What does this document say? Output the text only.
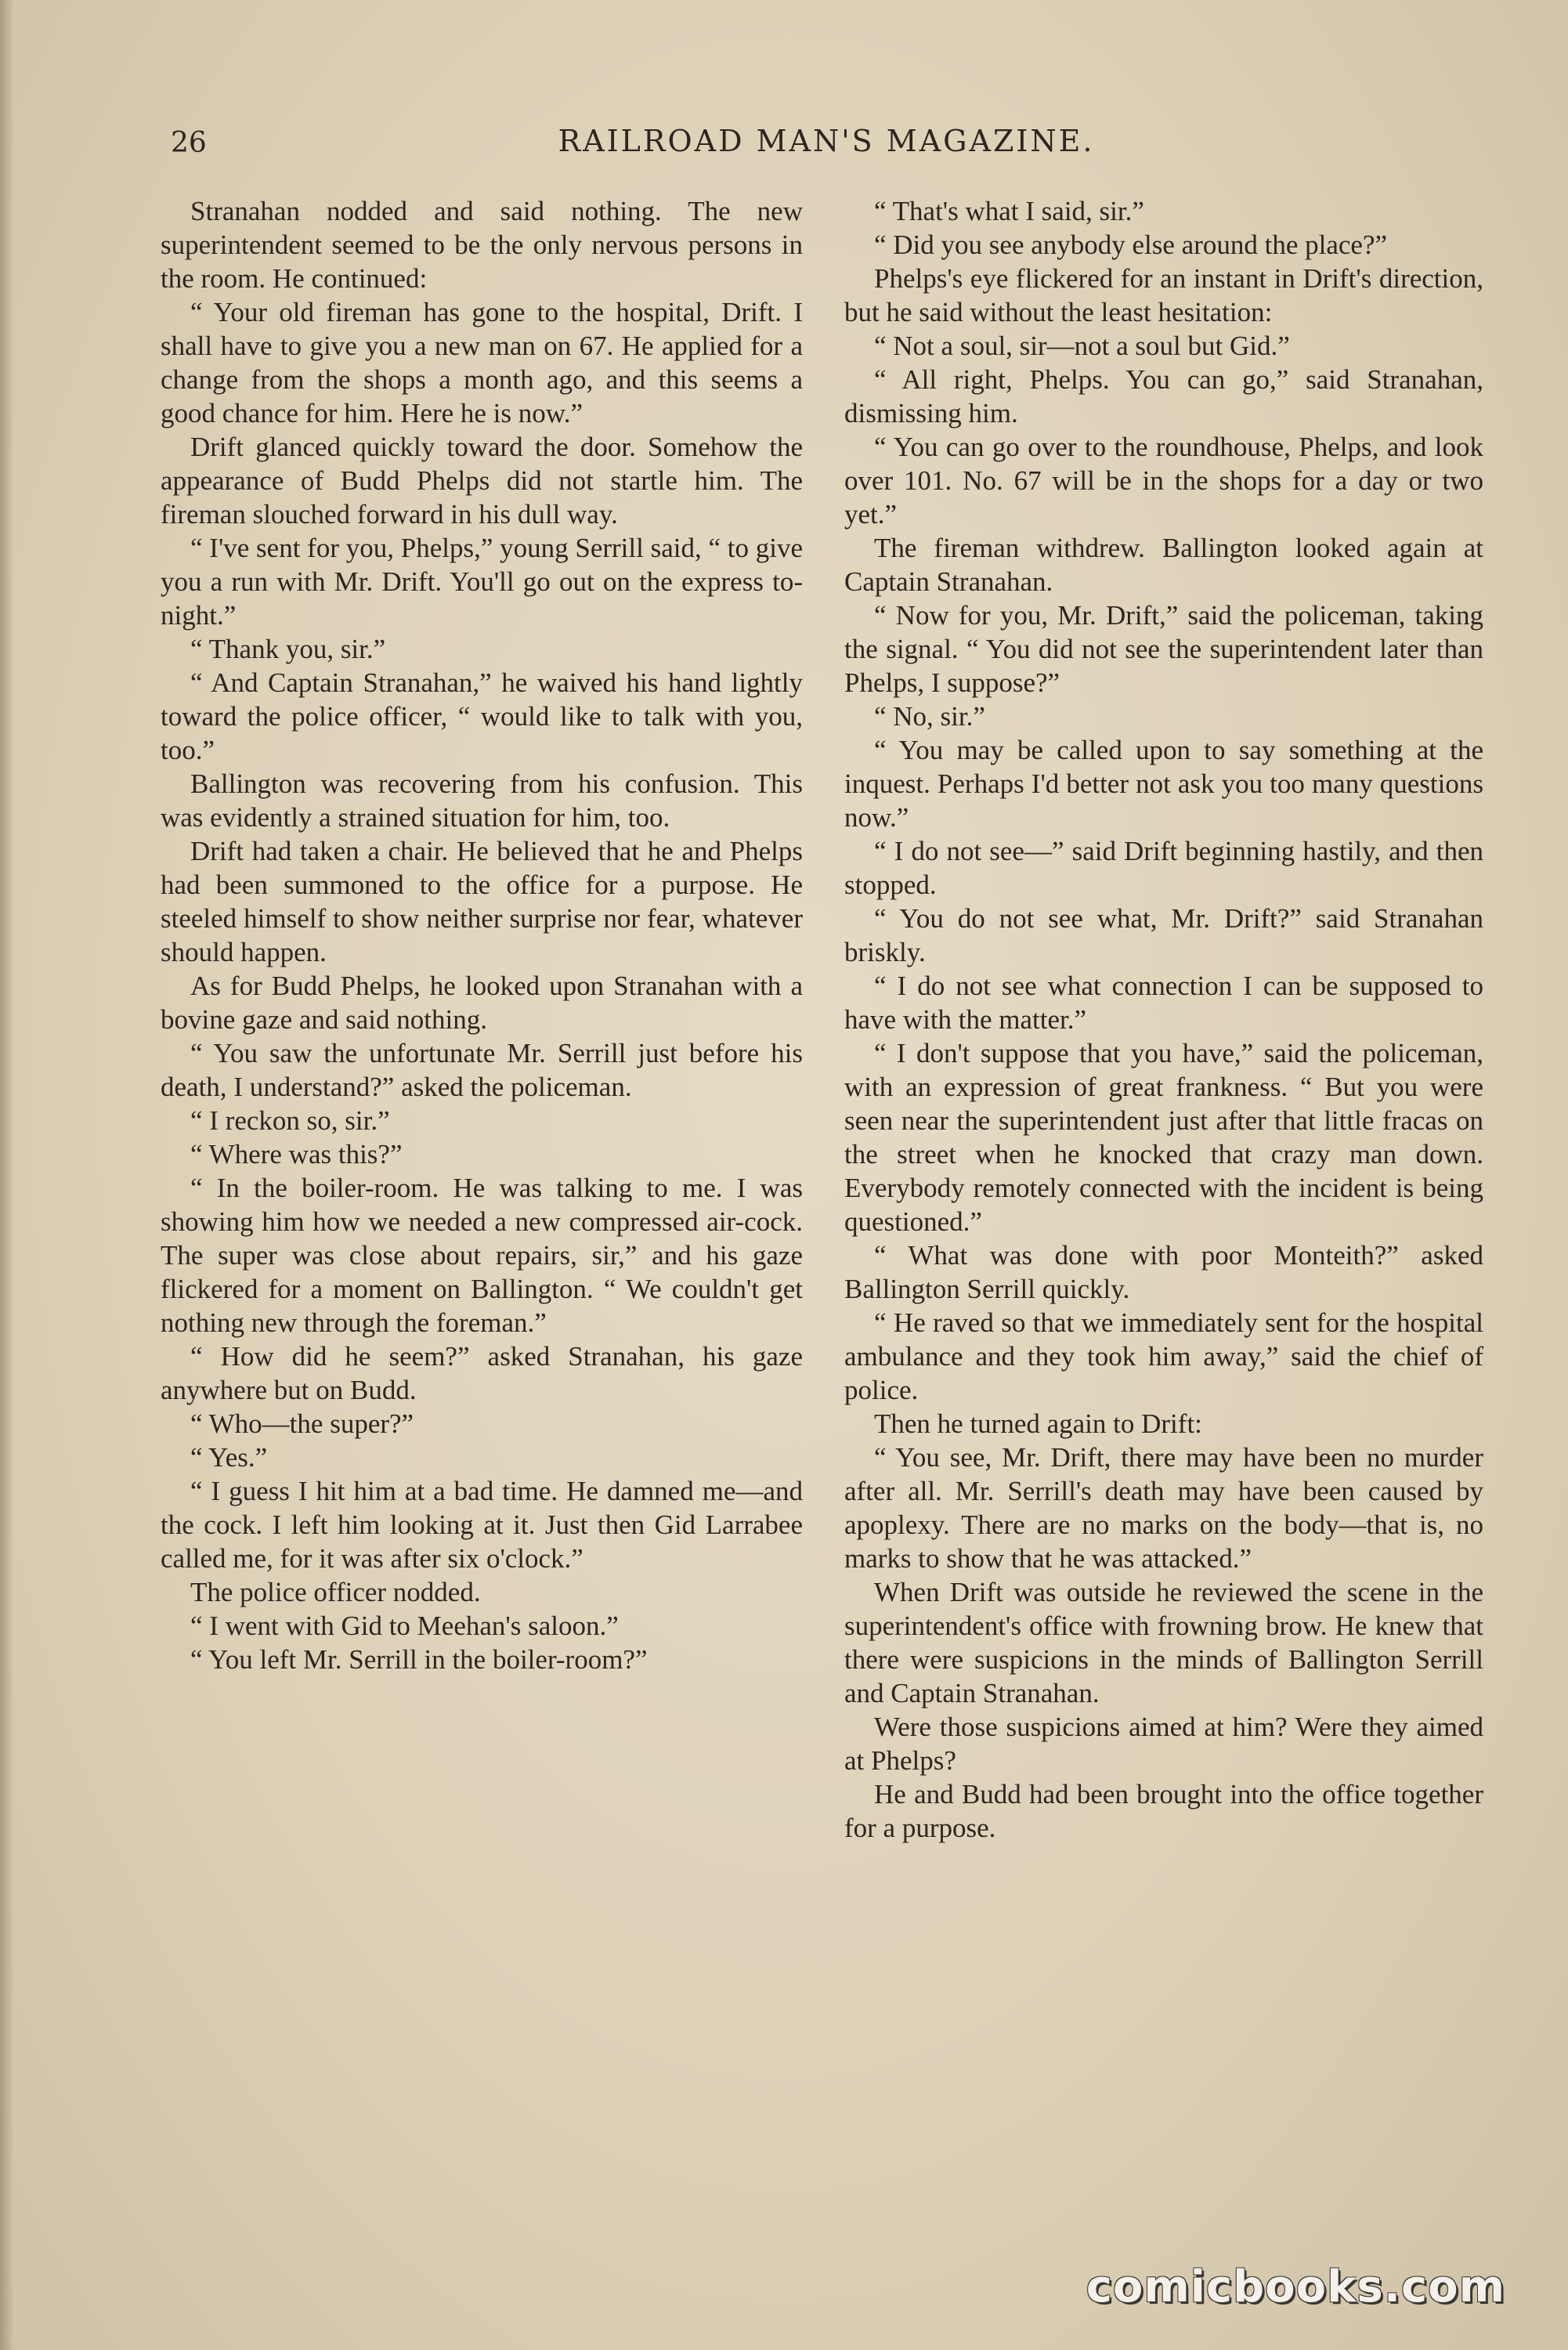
26	RAILROAD MAN'S MAGAZINE.

Stranahan nodded and said nothing. The new superintendent seemed to be the only nervous persons in the room. He continued:

“ Your old fireman has gone to the hospital, Drift. I shall have to give you a new man on 67. He applied for a change from the shops a month ago, and this seems a good chance for him. Here he is now.”

Drift glanced quickly toward the door. Somehow the appearance of Budd Phelps did not startle him. The fireman slouched forward in his dull way.

“ I've sent for you, Phelps,” young Serrill said, “ to give you a run with Mr. Drift. You'll go out on the express to-night.”

“ Thank you, sir.”

“ And Captain Stranahan,” he waived his hand lightly toward the police officer, “ would like to talk with you, too.”

Ballington was recovering from his confusion. This was evidently a strained situation for him, too.

Drift had taken a chair. He believed that he and Phelps had been summoned to the office for a purpose. He steeled himself to show neither surprise nor fear, whatever should happen.

As for Budd Phelps, he looked upon Stranahan with a bovine gaze and said nothing.

“ You saw the unfortunate Mr. Serrill just before his death, I understand?” asked the policeman.

“ I reckon so, sir.”

“ Where was this?”

“ In the boiler-room. He was talking to me. I was showing him how we needed a new compressed air-cock. The super was close about repairs, sir,” and his gaze flickered for a moment on Ballington. “ We couldn't get nothing new through the foreman.”

“ How did he seem?” asked Stranahan, his gaze anywhere but on Budd.

“ Who—the super?”

“ Yes.”

“ I guess I hit him at a bad time. He damned me—and the cock. I left him looking at it. Just then Gid Larrabee called me, for it was after six o'clock.”

The police officer nodded.

“ I went with Gid to Meehan's saloon.”

“ You left Mr. Serrill in the boiler-room?”

“ That's what I said, sir.”

“ Did you see anybody else around the place?”

Phelps's eye flickered for an instant in Drift's direction, but he said without the least hesitation:

“ Not a soul, sir—not a soul but Gid.”

“ All right, Phelps. You can go,” said Stranahan, dismissing him.

“ You can go over to the roundhouse, Phelps, and look over 101. No. 67 will be in the shops for a day or two yet.”

The fireman withdrew. Ballington looked again at Captain Stranahan.

“ Now for you, Mr. Drift,” said the policeman, taking the signal. “ You did not see the superintendent later than Phelps, I suppose?”

“ No, sir.”

“ You may be called upon to say something at the inquest. Perhaps I'd better not ask you too many questions now.”

“ I do not see—” said Drift beginning hastily, and then stopped.

“ You do not see what, Mr. Drift?” said Stranahan briskly.

“ I do not see what connection I can be supposed to have with the matter.”

“ I don't suppose that you have,” said the policeman, with an expression of great frankness. “ But you were seen near the superintendent just after that little fracas on the street when he knocked that crazy man down. Everybody remotely connected with the incident is being questioned.”

“ What was done with poor Monteith?” asked Ballington Serrill quickly.

“ He raved so that we immediately sent for the hospital ambulance and they took him away,” said the chief of police.

Then he turned again to Drift:

“ You see, Mr. Drift, there may have been no murder after all. Mr. Serrill's death may have been caused by apoplexy. There are no marks on the body—that is, no marks to show that he was attacked.”

When Drift was outside he reviewed the scene in the superintendent's office with frowning brow. He knew that there were suspicions in the minds of Ballington Serrill and Captain Stranahan.

Were those suspicions aimed at him? Were they aimed at Phelps?

He and Budd had been brought into the office together for a purpose.

comicbooks.com
